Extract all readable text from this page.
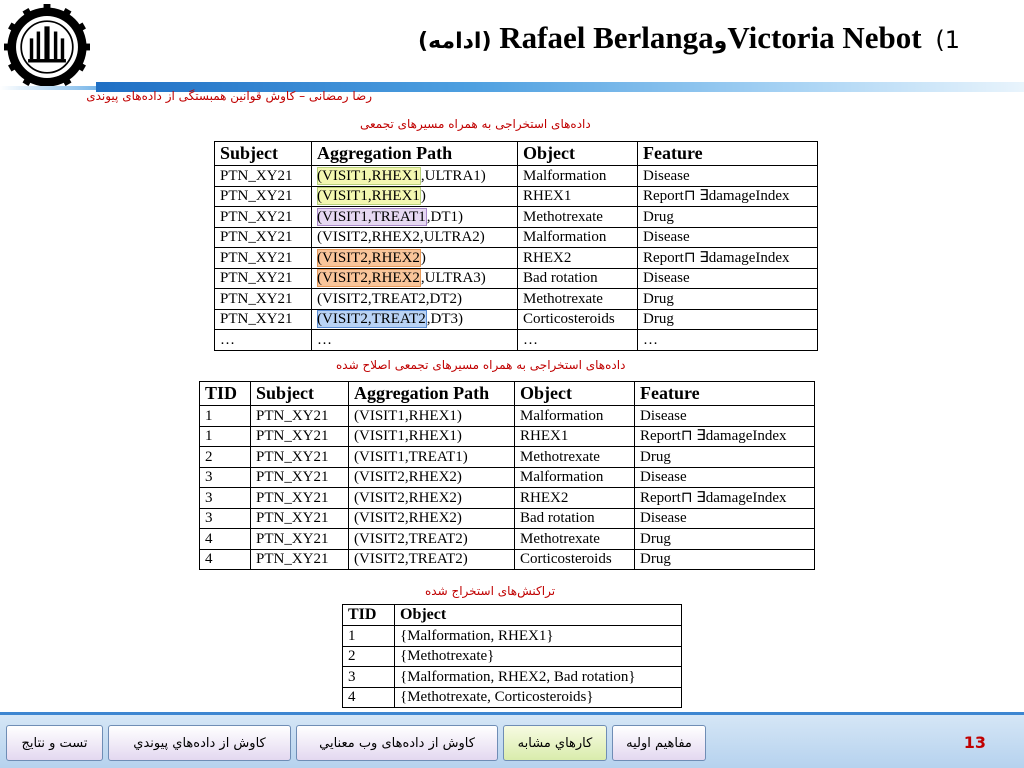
(ادامه) Rafael BerlangaوVictoria Nebot (1
رضا رمضانی – کاوش قوانین همبستگی از داده‌های پیوندی
داده‌های استخراجی به همراه مسیرهای تجمعی
Subject	Aggregation Path	Object	Feature
PTN_XY21	(VISIT1,RHEX1,ULTRA1)	Malformation	Disease
PTN_XY21	(VISIT1,RHEX1)	RHEX1	Report⊓ ∃damageIndex
PTN_XY21	(VISIT1,TREAT1,DT1)	Methotrexate	Drug
PTN_XY21	(VISIT2,RHEX2,ULTRA2)	Malformation	Disease
PTN_XY21	(VISIT2,RHEX2)	RHEX2	Report⊓ ∃damageIndex
PTN_XY21	(VISIT2,RHEX2,ULTRA3)	Bad rotation	Disease
PTN_XY21	(VISIT2,TREAT2,DT2)	Methotrexate	Drug
PTN_XY21	(VISIT2,TREAT2,DT3)	Corticosteroids	Drug
…	…	…	…
داده‌های استخراجی به همراه مسیرهای تجمعی اصلاح شده
TID	Subject	Aggregation Path	Object	Feature
1	PTN_XY21	(VISIT1,RHEX1)	Malformation	Disease
1	PTN_XY21	(VISIT1,RHEX1)	RHEX1	Report⊓ ∃damageIndex
2	PTN_XY21	(VISIT1,TREAT1)	Methotrexate	Drug
3	PTN_XY21	(VISIT2,RHEX2)	Malformation	Disease
3	PTN_XY21	(VISIT2,RHEX2)	RHEX2	Report⊓ ∃damageIndex
3	PTN_XY21	(VISIT2,RHEX2)	Bad rotation	Disease
4	PTN_XY21	(VISIT2,TREAT2)	Methotrexate	Drug
4	PTN_XY21	(VISIT2,TREAT2)	Corticosteroids	Drug
تراکنش‌های استخراج شده
TID	Object
1	{Malformation, RHEX1}
2	{Methotrexate}
3	{Malformation, RHEX2, Bad rotation}
4	{Methotrexate, Corticosteroids}
مفاهيم اوليه
کارهاي مشابه
کاوش از داده‌های وب معنايي
کاوش از داده‌هاي پيوندي
تست و نتايج	13
